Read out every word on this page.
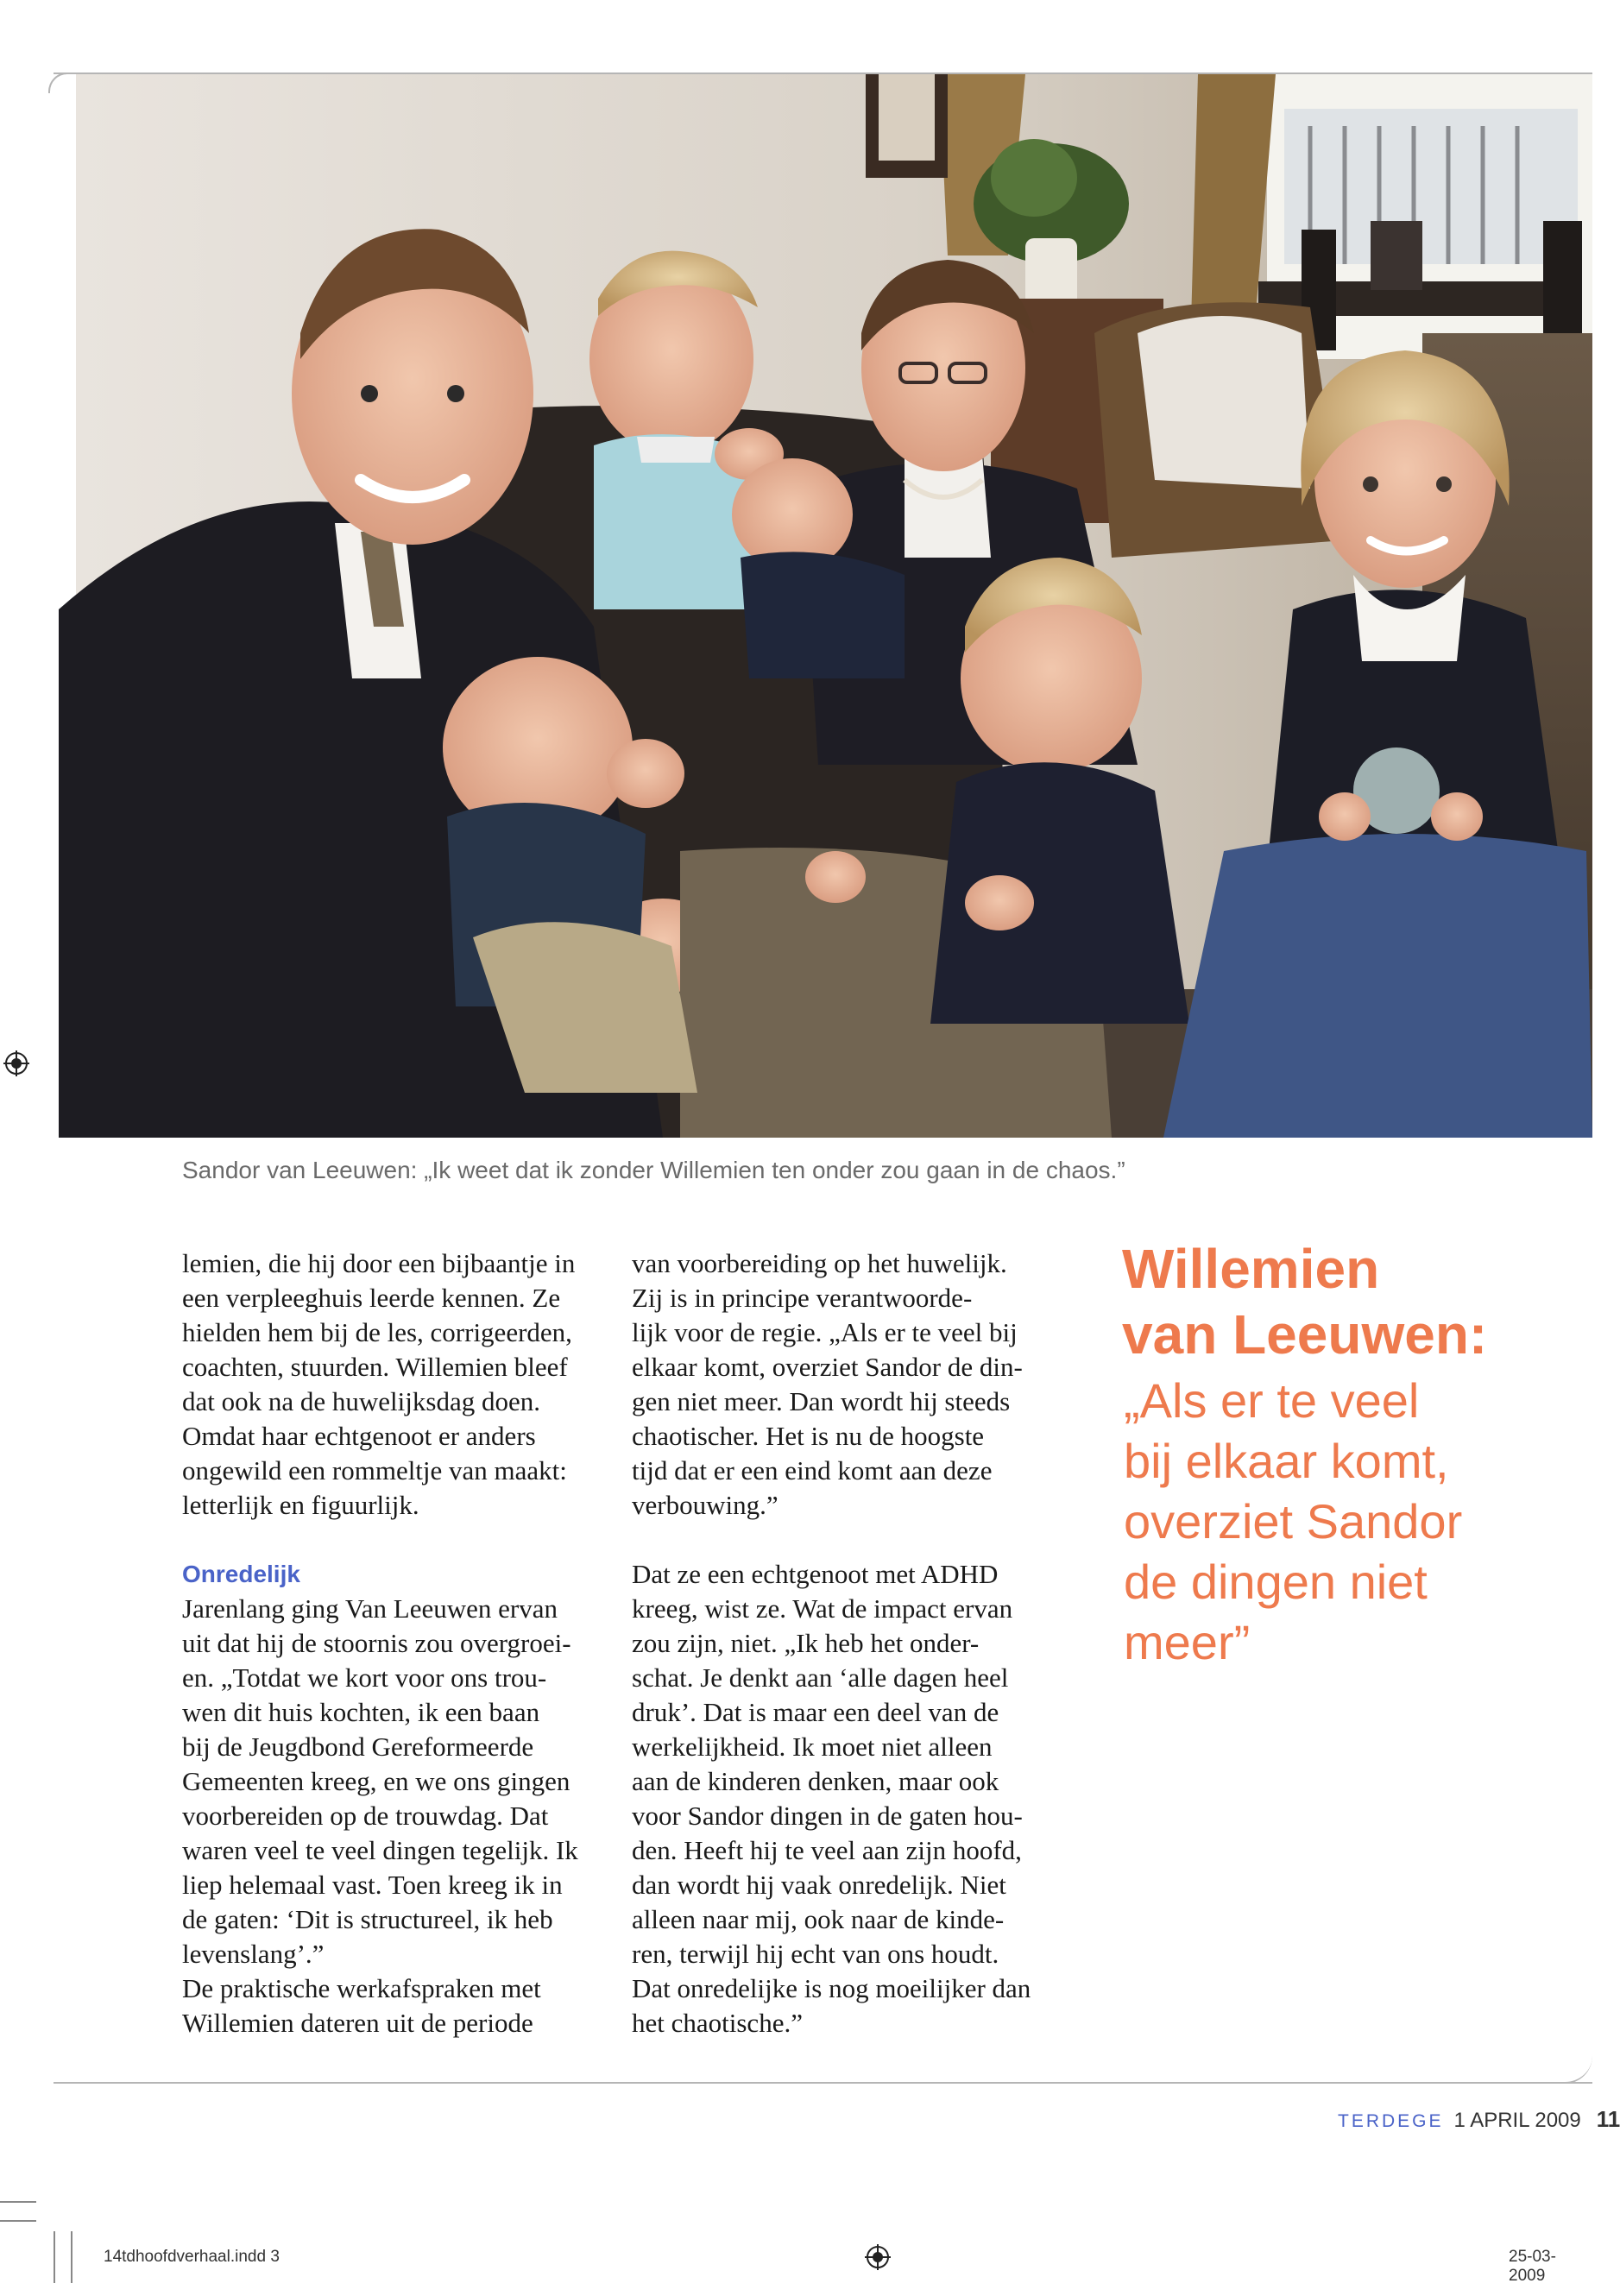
Sandor van Leeuwen: „Ik weet dat ik zonder Willemien ten onder zou gaan in de chaos.”

lemien, die hij door een bijbaantje in
een verpleeghuis leerde kennen. Ze
hielden hem bij de les, corrigeerden,
coachten, stuurden. Willemien bleef
dat ook na de huwelijksdag doen.
Omdat haar echtgenoot er anders
ongewild een rommeltje van maakt:
letterlijk en figuurlijk.

Onredelijk

Jarenlang ging Van Leeuwen ervan
uit dat hij de stoornis zou overgroei-
en. „Totdat we kort voor ons trou-
wen dit huis kochten, ik een baan
bij de Jeugdbond Gereformeerde
Gemeenten kreeg, en we ons gingen
voorbereiden op de trouwdag. Dat
waren veel te veel dingen tegelijk. Ik
liep helemaal vast. Toen kreeg ik in
de gaten: ‘Dit is structureel, ik heb
levenslang’.”
De praktische werkafspraken met
Willemien dateren uit de periode

van voorbereiding op het huwelijk.
Zij is in principe verantwoorde-
lijk voor de regie. „Als er te veel bij
elkaar komt, overziet Sandor de din-
gen niet meer. Dan wordt hij steeds
chaotischer. Het is nu de hoogste
tijd dat er een eind komt aan deze
verbouwing.”

Dat ze een echtgenoot met ADHD
kreeg, wist ze. Wat de impact ervan
zou zijn, niet. „Ik heb het onder-
schat. Je denkt aan ‘alle dagen heel
druk’. Dat is maar een deel van de
werkelijkheid. Ik moet niet alleen
aan de kinderen denken, maar ook
voor Sandor dingen in de gaten hou-
den. Heeft hij te veel aan zijn hoofd,
dan wordt hij vaak onredelijk. Niet
alleen naar mij, ook naar de kinde-
ren, terwijl hij echt van ons houdt.
Dat onredelijke is nog moeilijker dan
het chaotische.”

Willemien
van Leeuwen:
„Als er te veel
bij elkaar komt,
overziet Sandor
de dingen niet
meer”
TERDEGE 1 APRIL 2009 11
14tdhoofdverhaal.indd 3	25-03-2009
